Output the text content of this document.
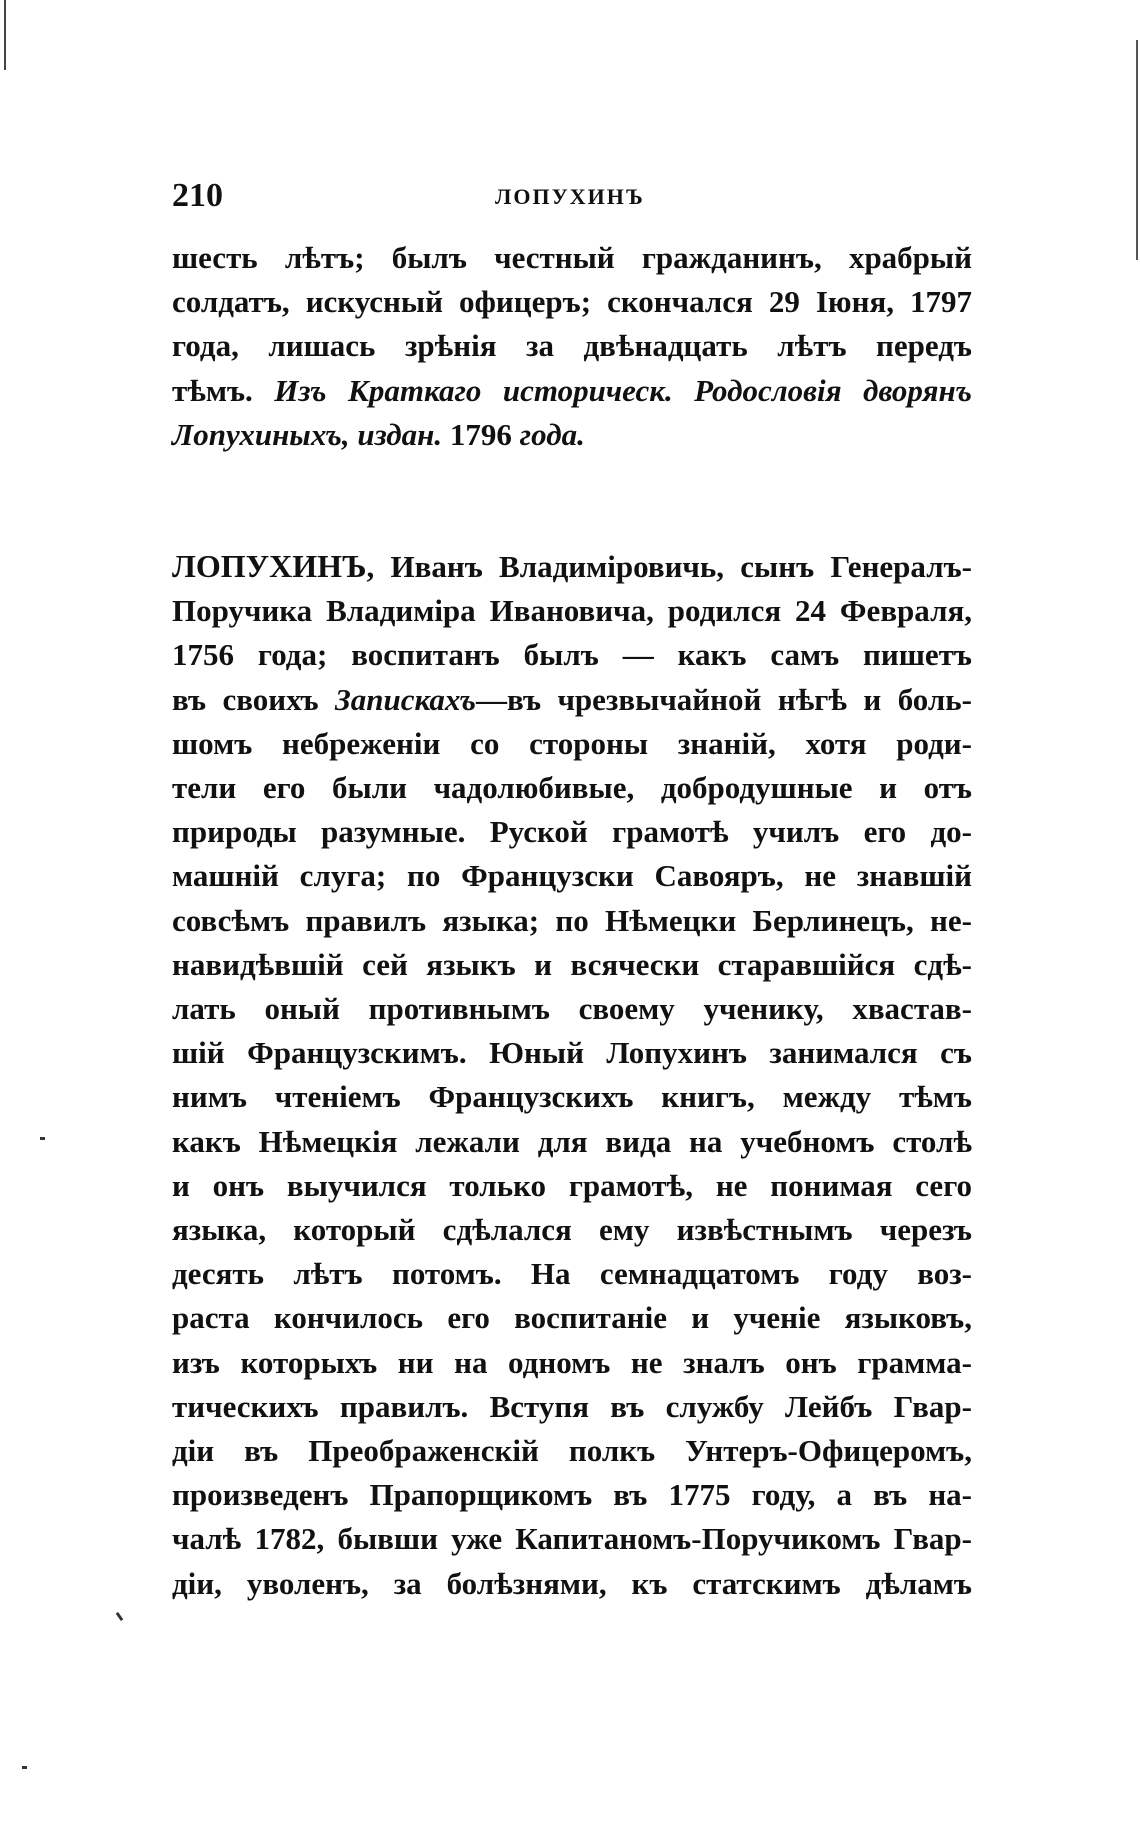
210	ЛОПУХИНЪ
шесть лѣтъ; былъ честный гражданинъ, храбрый
солдатъ, искусный офицеръ; скончался 29 Іюня, 1797
года, лишась зрѣнія за двѣнадцать лѣтъ передъ
тѣмъ. Изъ Краткаго историческ. Родословія дворянъ
Лопухиныхъ, издан. 1796 года.
ЛОПУХИНЪ, Иванъ Владиміровичь, сынъ Генералъ-
Поручика Владиміра Ивановича, родился 24 Февраля,
1756 года; воспитанъ былъ — какъ самъ пишетъ
въ своихъ Запискахъ—въ чрезвычайной нѣгѣ и боль-
шомъ небреженіи со стороны знаній, хотя роди-
тели его были чадолюбивые, добродушные и отъ
природы разумные. Руской грамотѣ училъ его до-
машній слуга; по Французски Савояръ, не знавшій
совсѣмъ правилъ языка; по Нѣмецки Берлинецъ, не-
навидѣвшій сей языкъ и всячески старавшійся сдѣ-
лать оный противнымъ своему ученику, хвастав-
шій Французскимъ. Юный Лопухинъ занимался съ
нимъ чтеніемъ Французскихъ книгъ, между тѣмъ
какъ Нѣмецкія лежали для вида на учебномъ столѣ
и онъ выучился только грамотѣ, не понимая сего
языка, который сдѣлался ему извѣстнымъ черезъ
десять лѣтъ потомъ. На семнадцатомъ году воз-
раста кончилось его воспитаніе и ученіе языковъ,
изъ которыхъ ни на одномъ не зналъ онъ грамма-
тическихъ правилъ. Вступя въ службу Лейбъ Гвар-
діи въ Преображенскій полкъ Унтеръ-Офицеромъ,
произведенъ Прапорщикомъ въ 1775 году, а въ на-
чалѣ 1782, бывши уже Капитаномъ-Поручикомъ Гвар-
діи, уволенъ, за болѣзнями, къ статскимъ дѣламъ
